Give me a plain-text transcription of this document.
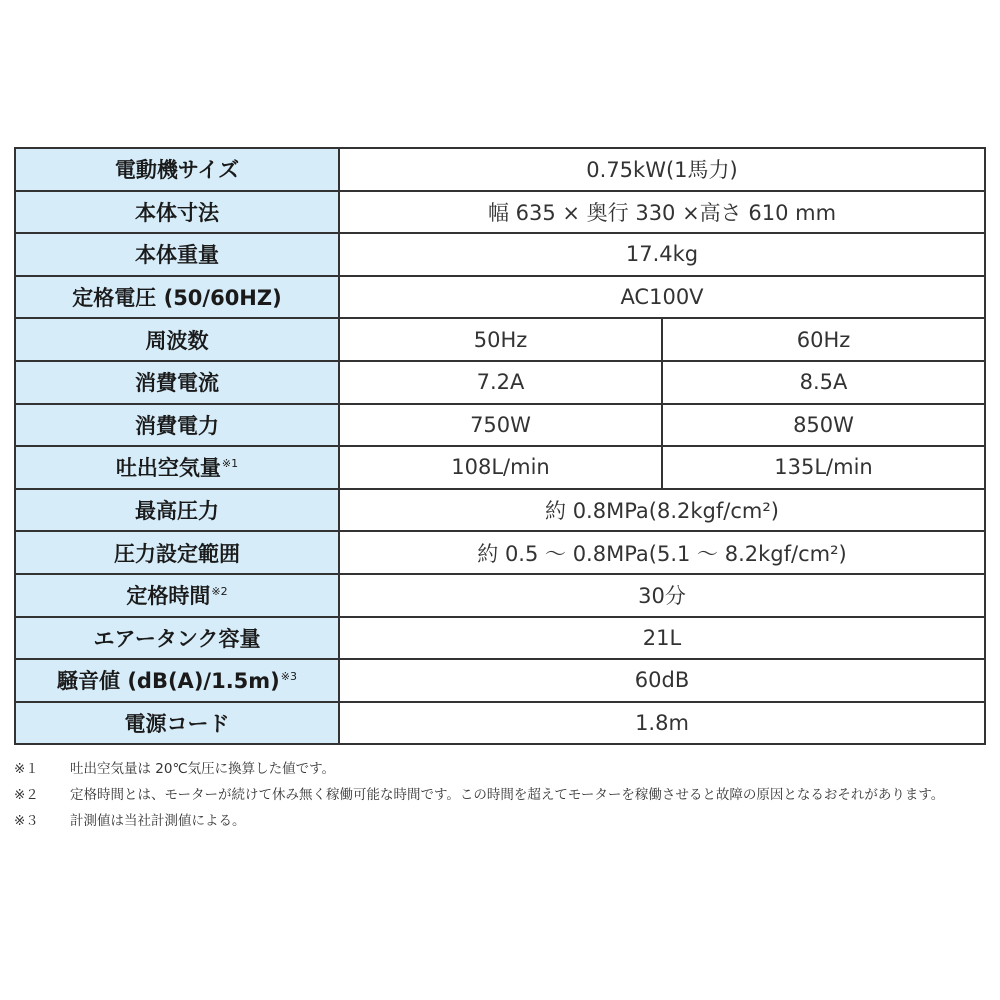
電動機サイズ	0.75kW(1馬力)	
本体寸法	幅 635 × 奥行 330 ×高さ 610 mm	
本体重量	17.4kg	
定格電圧 (50/60HZ)	AC100V	
周波数	50Hz	60Hz
消費電流	7.2A	8.5A
消費電力	750W	850W
吐出空気量$^{※1}$	108L/min	135L/min
最高圧力	約 0.8MPa(8.2kgf/cm²)	
圧力設定範囲	約 0.5 ～ 0.8MPa(5.1 ～ 8.2kgf/cm²)	
定格時間$^{※2}$	30分	
エアータンク容量	21L	
騒音値 (dB(A)/1.5m)$^{※3}$	60dB	
電源コード	1.8m	
※１	吐出空気量は 20℃気圧に換算した値です。
※２	定格時間とは、モーターが続けて休み無く稼働可能な時間です。この時間を超えてモーターを稼働させると故障の原因となるおそれがあります。
※３	計測値は当社計測値による。
